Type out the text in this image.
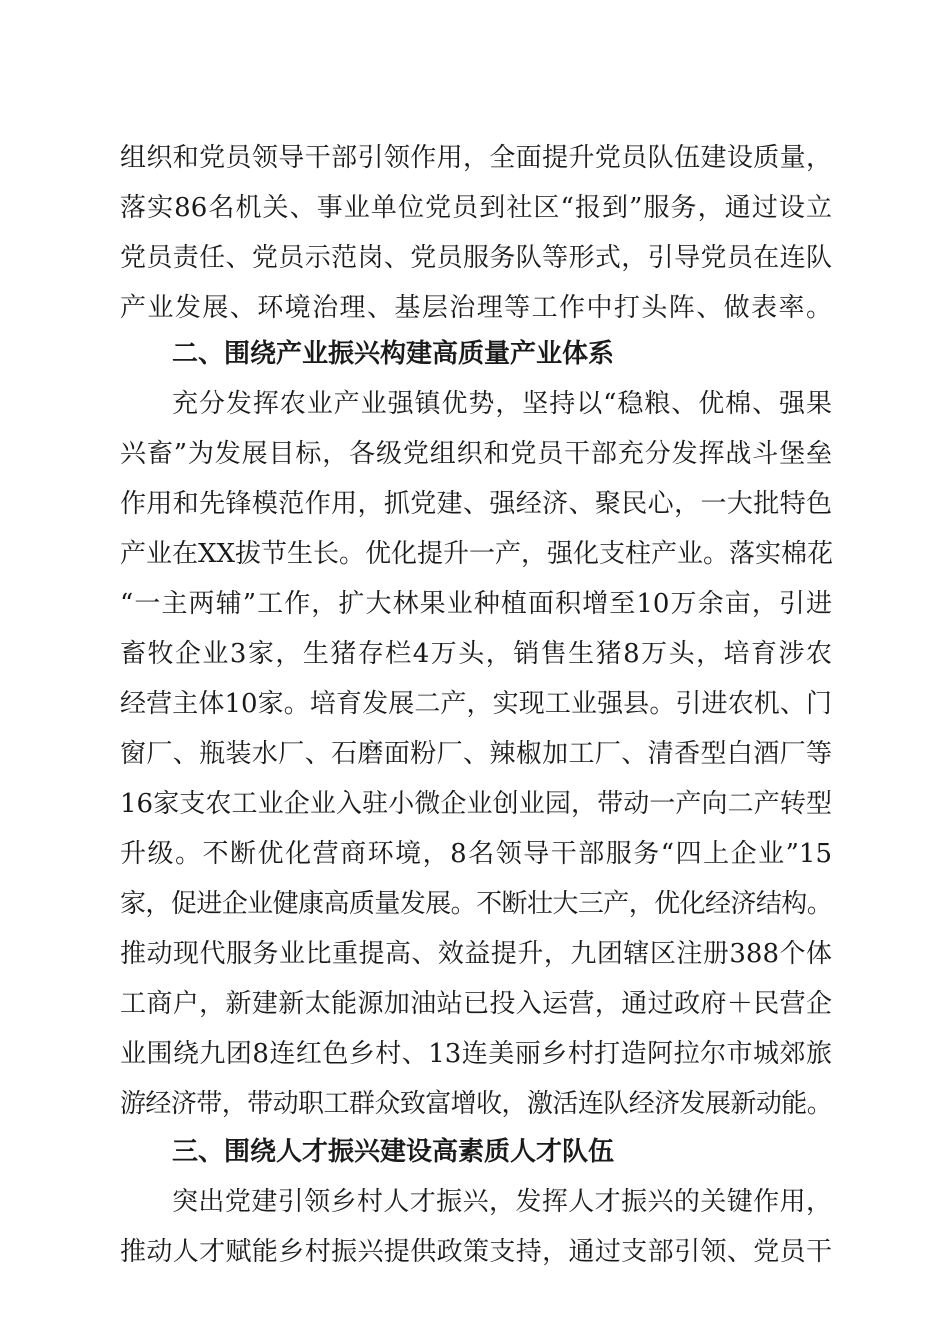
组织和党员领导干部引领作用，全面提升党员队伍建设质量，
落实86名机关、事业单位党员到社区“报到”服务，通过设立
党员责任、党员示范岗、党员服务队等形式，引导党员在连队
产业发展、环境治理、基层治理等工作中打头阵、做表率。
二、围绕产业振兴构建高质量产业体系
充分发挥农业产业强镇优势，坚持以“稳粮、优棉、强果
兴畜”为发展目标，各级党组织和党员干部充分发挥战斗堡垒
作用和先锋模范作用，抓党建、强经济、聚民心，一大批特色
产业在XX拔节生长。优化提升一产，强化支柱产业。落实棉花
“一主两辅”工作，扩大林果业种植面积增至10万余亩，引进
畜牧企业3家，生猪存栏4万头，销售生猪8万头，培育涉农
经营主体10家。培育发展二产，实现工业强县。引进农机、门
窗厂、瓶装水厂、石磨面粉厂、辣椒加工厂、清香型白酒厂等
16家支农工业企业入驻小微企业创业园，带动一产向二产转型
升级。不断优化营商环境，8名领导干部服务“四上企业”15
家，促进企业健康高质量发展。不断壮大三产，优化经济结构。
推动现代服务业比重提高、效益提升，九团辖区注册388个体
工商户，新建新太能源加油站已投入运营，通过政府＋民营企
业围绕九团8连红色乡村、13连美丽乡村打造阿拉尔市城郊旅
游经济带，带动职工群众致富增收，激活连队经济发展新动能。
三、围绕人才振兴建设高素质人才队伍
突出党建引领乡村人才振兴，发挥人才振兴的关键作用，
推动人才赋能乡村振兴提供政策支持，通过支部引领、党员干
